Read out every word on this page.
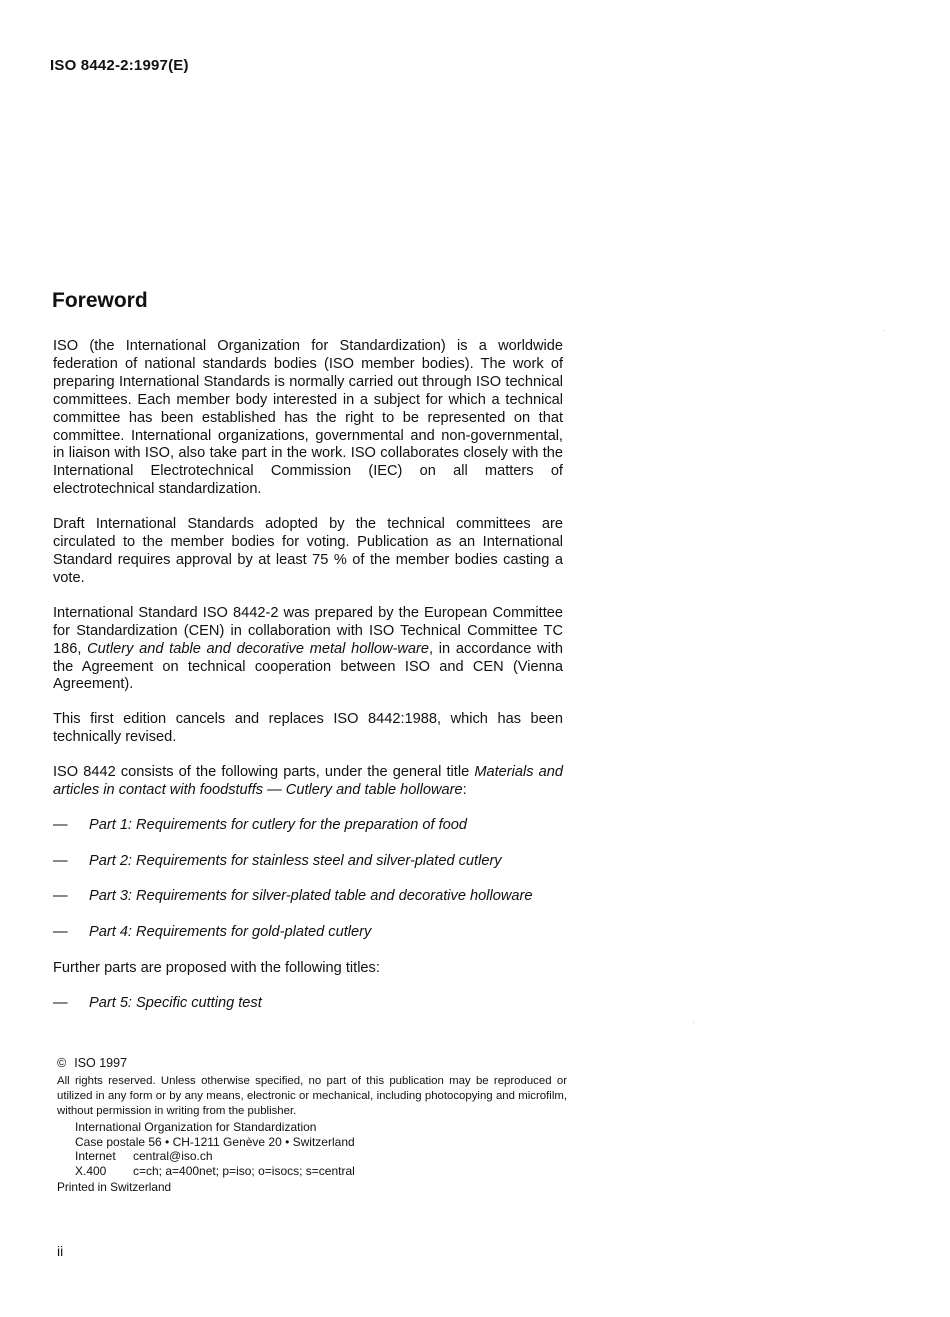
ISO 8442-2:1997(E)
Foreword

ISO (the International Organization for Standardization) is a worldwide federation of national standards bodies (ISO member bodies). The work of preparing International Standards is normally carried out through ISO technical committees. Each member body interested in a subject for which a technical committee has been established has the right to be represented on that committee. International organizations, governmental and non-governmental, in liaison with ISO, also take part in the work. ISO collaborates closely with the International Electrotechnical Commission (IEC) on all matters of electrotechnical standardization.

Draft International Standards adopted by the technical committees are circulated to the member bodies for voting. Publication as an International Standard requires approval by at least 75 % of the member bodies casting a vote.

International Standard ISO 8442-2 was prepared by the European Committee for Standardization (CEN) in collaboration with ISO Technical Committee TC 186, Cutlery and table and decorative metal hollow-ware, in accordance with the Agreement on technical cooperation between ISO and CEN (Vienna Agreement).

This first edition cancels and replaces ISO 8442:1988, which has been technically revised.

ISO 8442 consists of the following parts, under the general title Materials and articles in contact with foodstuffs — Cutlery and table holloware:

—	Part 1: Requirements for cutlery for the preparation of food
—	Part 2: Requirements for stainless steel and silver-plated cutlery
—	Part 3: Requirements for silver-plated table and decorative holloware
—	Part 4: Requirements for gold-plated cutlery

Further parts are proposed with the following titles:

—	Part 5: Specific cutting test
© ISO 1997
All rights reserved. Unless otherwise specified, no part of this publication may be reproduced or utilized in any form or by any means, electronic or mechanical, including photocopying and microfilm, without permission in writing from the publisher.
International Organization for Standardization
Case postale 56 • CH-1211 Genève 20 • Switzerland
Internet central@iso.ch
X.400 c=ch; a=400net; p=iso; o=isocs; s=central
Printed in Switzerland
ii
